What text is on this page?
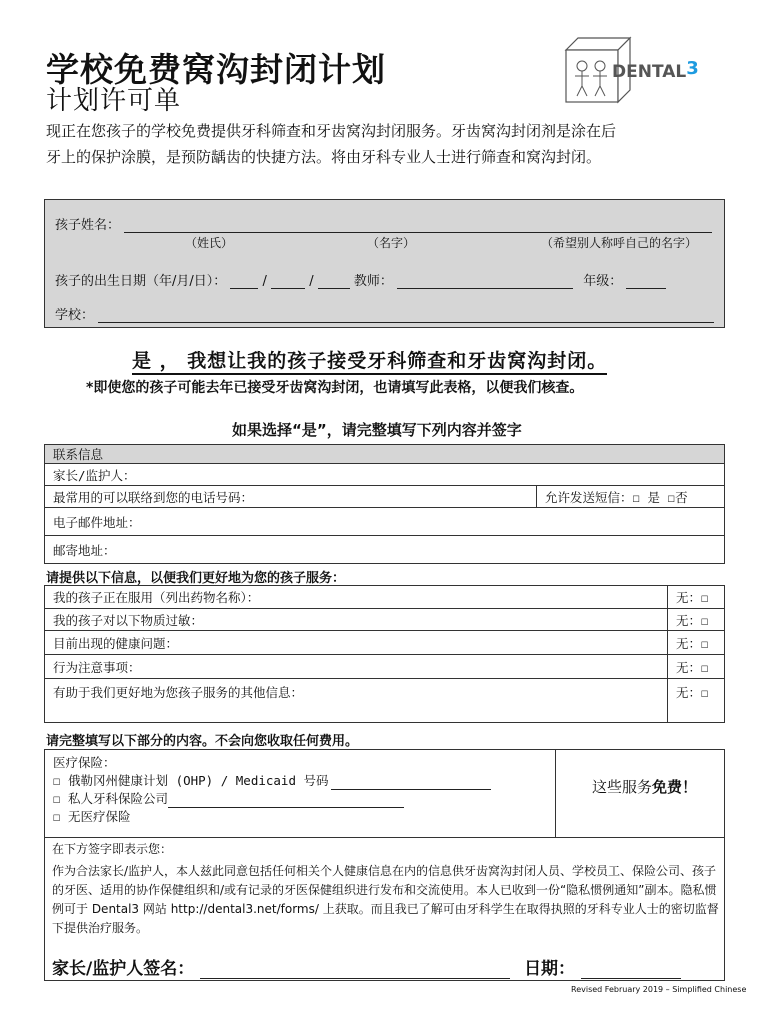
学校免费窝沟封闭计划
计划许可单
DENTAL3
现正在您孩子的学校免费提供牙科筛查和牙齿窝沟封闭服务。牙齿窝沟封闭剂是涂在后
牙上的保护涂膜，是预防龋齿的快捷方法。将由牙科专业人士进行筛查和窝沟封闭。
孩子姓名：
（姓氏）	（名字）	（希望别人称呼自己的名字）
孩子的出生日期（年/月/日）：	/	/	教师：	年级：
学校：
是 ， 我想让我的孩子接受牙科筛查和牙齿窝沟封闭。
*即使您的孩子可能去年已接受牙齿窝沟封闭，也请填写此表格，以便我们核查。
如果选择“是”，请完整填写下列内容并签字
联系信息
家长/监护人：
最常用的可以联络到您的电话号码：	允许发送短信：☐ 是 ☐否
电子邮件地址：
邮寄地址：
请提供以下信息，以便我们更好地为您的孩子服务：
我的孩子正在服用（列出药物名称）：	无：☐
我的孩子对以下物质过敏：	无：☐
目前出现的健康问题：	无：☐
行为注意事项：	无：☐
有助于我们更好地为您孩子服务的其他信息：	无：☐
请完整填写以下部分的内容。不会向您收取任何费用。
医疗保险：
☐ 俄勒冈州健康计划 (OHP) / Medicaid 号码
☐ 私人牙科保险公司
☐ 无医疗保险
这些服务免费！
在下方签字即表示您：
作为合法家长/监护人，本人兹此同意包括任何相关个人健康信息在内的信息供牙齿窝沟封闭人员、学校员工、保险公司、孩子的牙医、适用的协作保健组织和/或有记录的牙医保健组织进行发布和交流使用。本人已收到一份“隐私惯例通知”副本。隐私惯例可于 Dental3 网站 http://dental3.net/forms/ 上获取。而且我已了解可由牙科学生在取得执照的牙科专业人士的密切监督下提供治疗服务。
家长/监护人签名：	日期：
Revised February 2019 – Simplified Chinese
